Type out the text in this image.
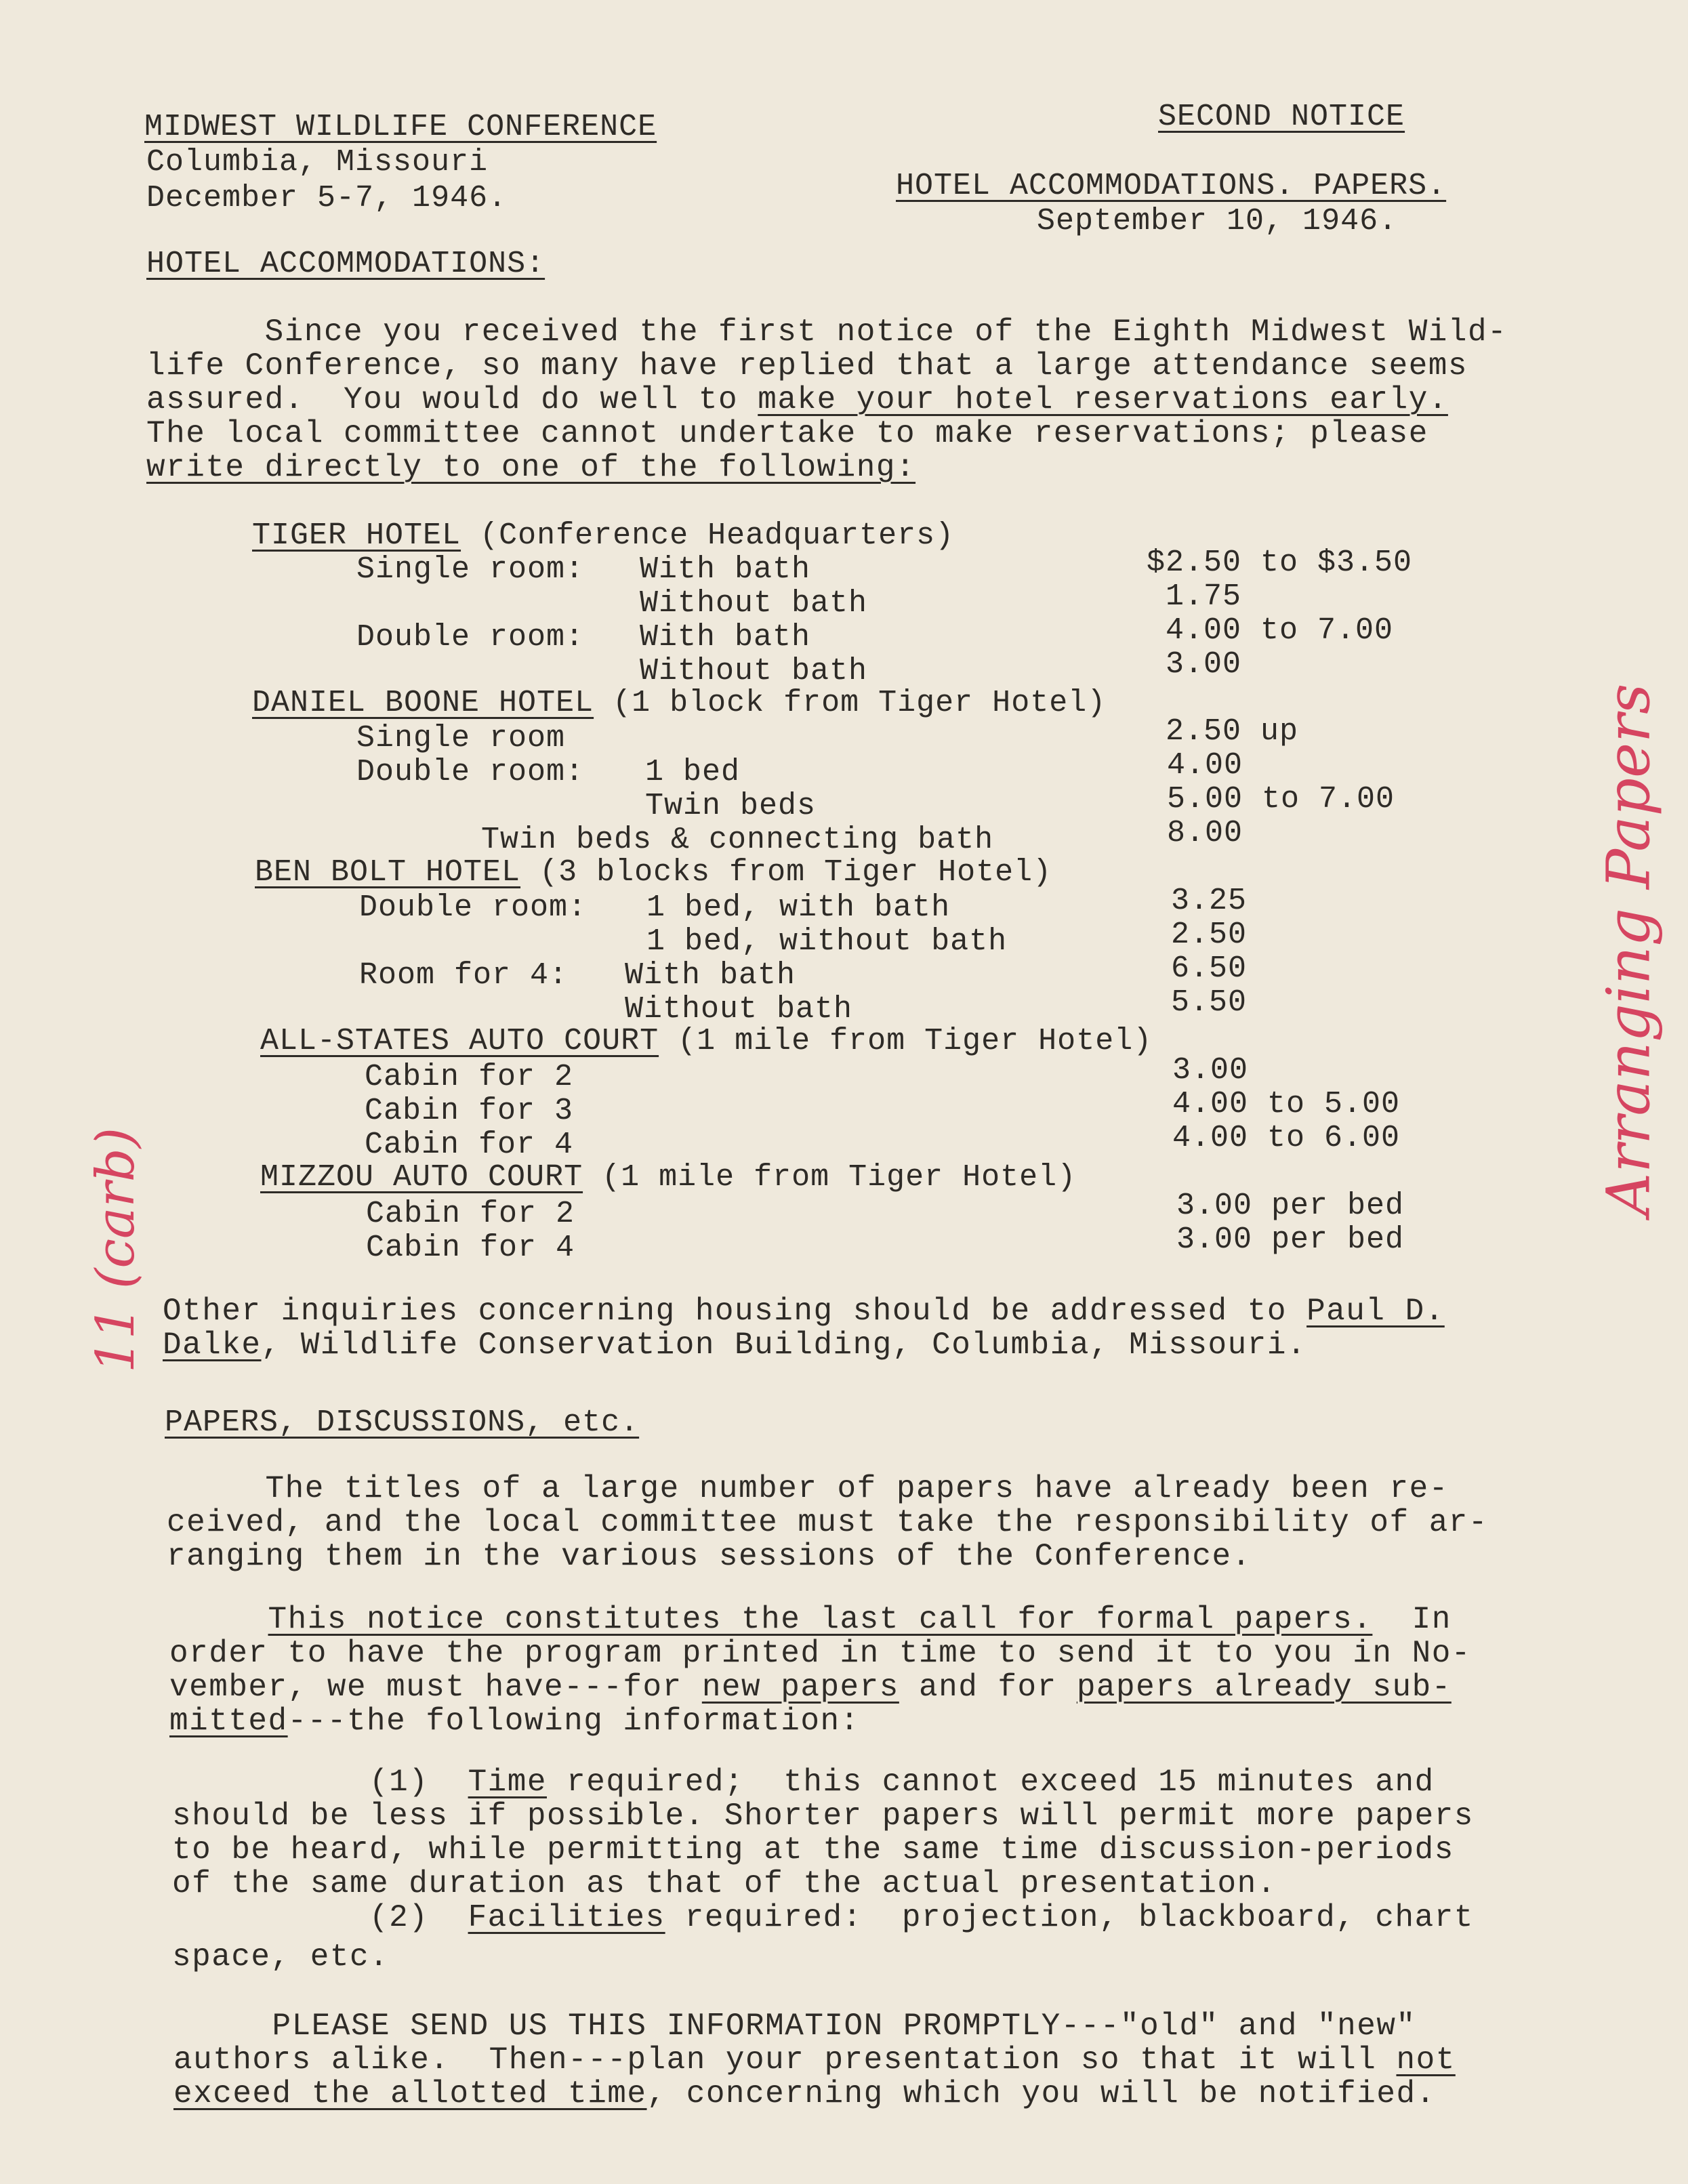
MIDWEST WILDLIFE CONFERENCE
Columbia, Missouri
December 5-7, 1946.
SECOND NOTICE
HOTEL ACCOMMODATIONS. PAPERS.
September 10, 1946.
HOTEL ACCOMMODATIONS:
Since you received the first notice of the Eighth Midwest Wild-
life Conference, so many have replied that a large attendance seems
assured.  You would do well to make your hotel reservations early.
The local committee cannot undertake to make reservations; please
write directly to one of the following:
TIGER HOTEL (Conference Headquarters)
Single room: With bath	$2.50 to $3.50
Without bath	1.75
Double room: With bath	4.00 to 7.00
Without bath	3.00
DANIEL BOONE HOTEL (1 block from Tiger Hotel)
Single room	2.50 up
Double room: 1 bed	4.00
Twin beds	5.00 to 7.00
Twin beds & connecting bath	8.00
BEN BOLT HOTEL (3 blocks from Tiger Hotel)
Double room: 1 bed, with bath	3.25
1 bed, without bath	2.50
Room for 4: With bath	6.50
Without bath	5.50
ALL-STATES AUTO COURT (1 mile from Tiger Hotel)
Cabin for 2	3.00
Cabin for 3	4.00 to 5.00
Cabin for 4	4.00 to 6.00
MIZZOU AUTO COURT (1 mile from Tiger Hotel)
Cabin for 2	3.00 per bed
Cabin for 4	3.00 per bed
Other inquiries concerning housing should be addressed to Paul D.
Dalke, Wildlife Conservation Building, Columbia, Missouri.
PAPERS, DISCUSSIONS, etc.
The titles of a large number of papers have already been re-
ceived, and the local committee must take the responsibility of ar-
ranging them in the various sessions of the Conference.
This notice constitutes the last call for formal papers.  In
order to have the program printed in time to send it to you in No-
vember, we must have---for new papers and for papers already sub-
mitted---the following information:
(1)  Time required;  this cannot exceed 15 minutes and
should be less if possible. Shorter papers will permit more papers
to be heard, while permitting at the same time discussion-periods
of the same duration as that of the actual presentation.
(2)  Facilities required:  projection, blackboard, chart
space, etc.
PLEASE SEND US THIS INFORMATION PROMPTLY---"old" and "new"
authors alike.  Then---plan your presentation so that it will not
exceed the allotted time, concerning which you will be notified.
Arranging Papers
11 (carb)
